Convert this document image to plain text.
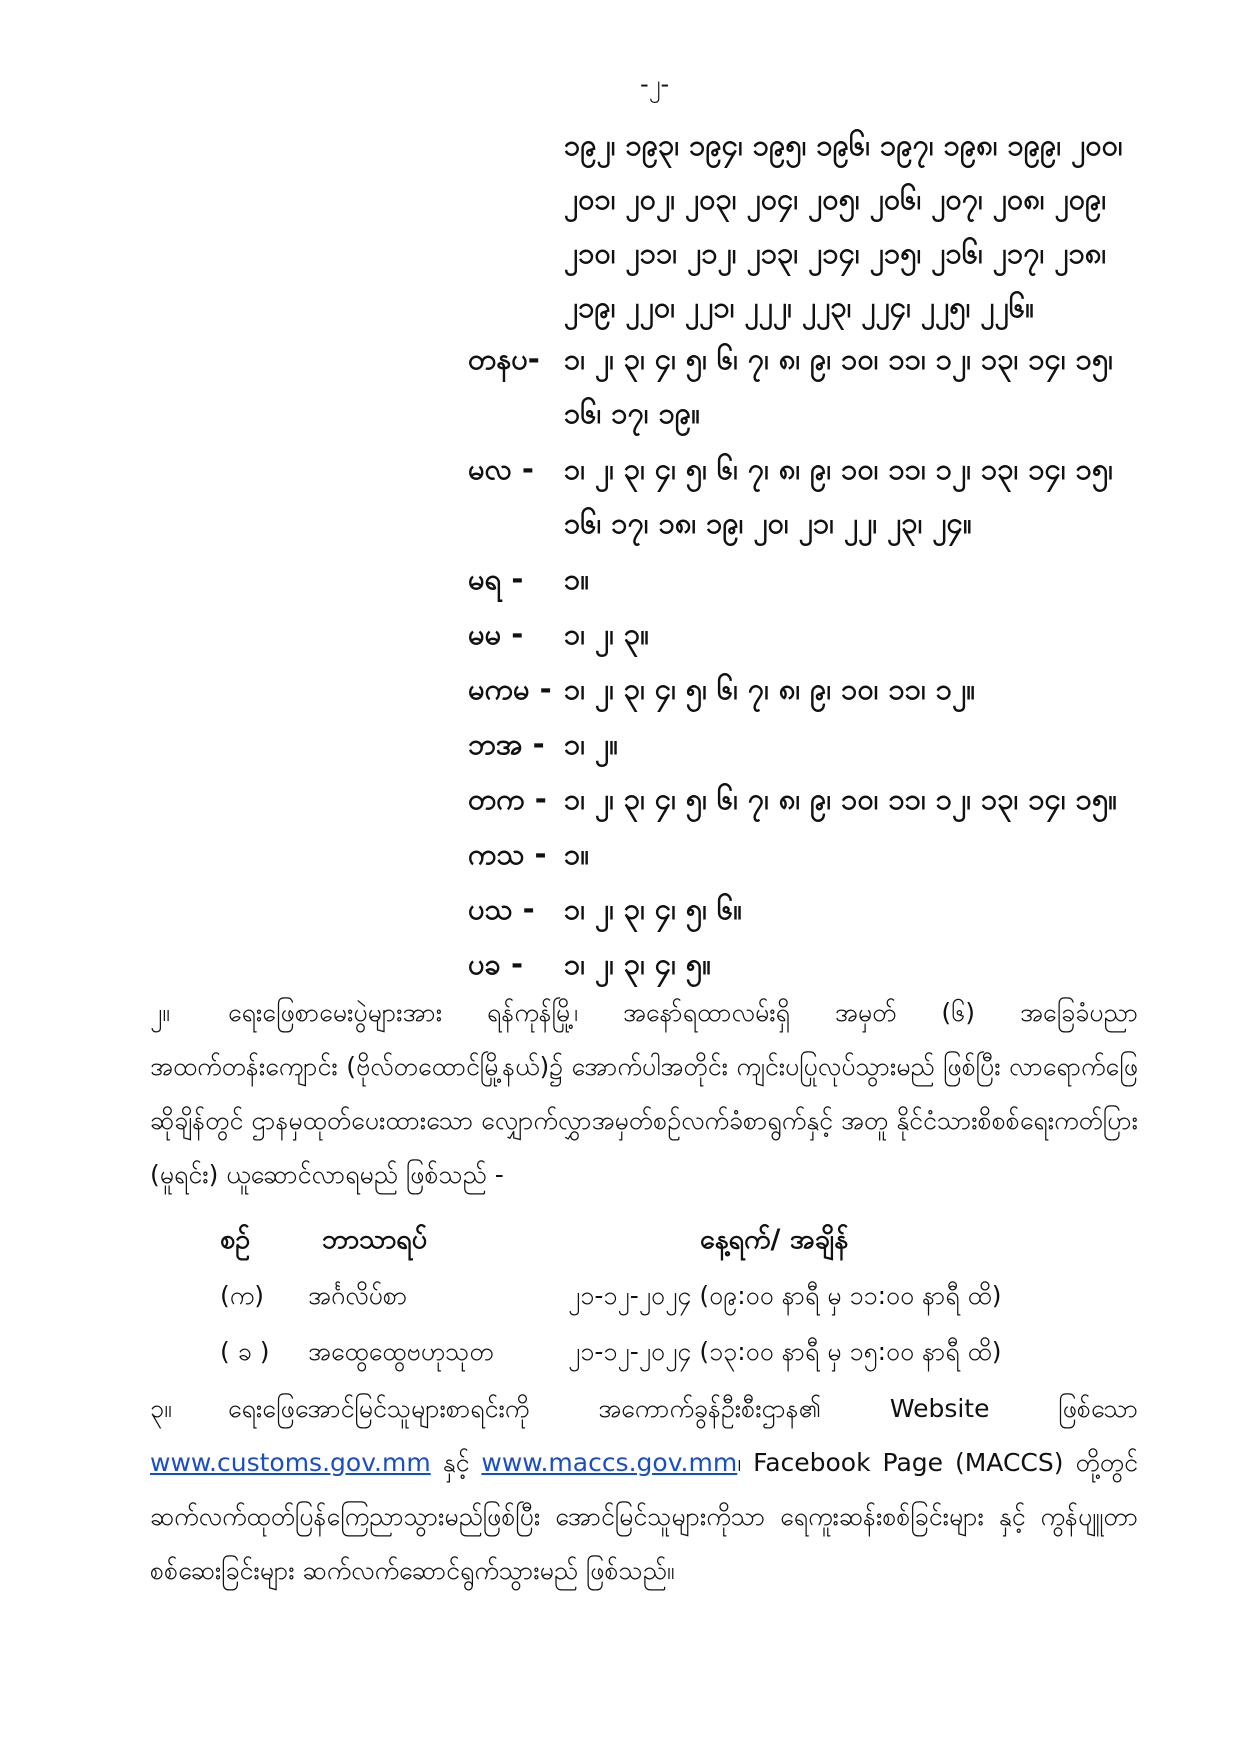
-၂-
၁၉၂၊ ၁၉၃၊ ၁၉၄၊ ၁၉၅၊ ၁၉၆၊ ၁၉၇၊ ၁၉၈၊ ၁၉၉၊ ၂၀၀၊
၂၀၁၊ ၂၀၂၊ ၂၀၃၊ ၂၀၄၊ ၂၀၅၊ ၂၀၆၊ ၂၀၇၊ ၂၀၈၊ ၂၀၉၊
၂၁၀၊ ၂၁၁၊ ၂၁၂၊ ၂၁၃၊ ၂၁၄၊ ၂၁၅၊ ၂၁၆၊ ၂၁၇၊ ၂၁၈၊
၂၁၉၊ ၂၂၀၊ ၂၂၁၊ ၂၂၂၊ ၂၂၃၊ ၂၂၄၊ ၂၂၅၊ ၂၂၆။
တနပ- ၁၊ ၂၊ ၃၊ ၄၊ ၅၊ ၆၊ ၇၊ ၈၊ ၉၊ ၁၀၊ ၁၁၊ ၁၂၊ ၁၃၊ ၁၄၊ ၁၅၊ ၁၆၊ ၁၇၊ ၁၉။
မလ -	၁၊ ၂၊ ၃၊ ၄၊ ၅၊ ၆၊ ၇၊ ၈၊ ၉၊ ၁၀၊ ၁၁၊ ၁၂၊ ၁၃၊ ၁၄၊ ၁၅၊ ၁၆၊ ၁၇၊ ၁၈၊ ၁၉၊ ၂၀၊ ၂၁၊ ၂၂၊ ၂၃၊ ၂၄။
မရ -	၁။
မမ -	၁၊ ၂၊ ၃။
မကမ - ၁၊ ၂၊ ၃၊ ၄၊ ၅၊ ၆၊ ၇၊ ၈၊ ၉၊ ၁၀၊ ၁၁၊ ၁၂။
ဘအ - ၁၊ ၂။
တက - ၁၊ ၂၊ ၃၊ ၄၊ ၅၊ ၆၊ ၇၊ ၈၊ ၉၊ ၁၀၊ ၁၁၊ ၁၂၊ ၁၃၊ ၁၄၊ ၁၅။
ကသ - ၁။
ပသ -	၁၊ ၂၊ ၃၊ ၄၊ ၅၊ ၆။
ပခ -	၁၊ ၂၊ ၃၊ ၄၊ ၅။
၂။ ရေးဖြေစာမေးပွဲများအား ရန်ကုန်မြို့၊ အနော်ရထာလမ်းရှိ အမှတ် (၆) အခြေခံပညာ အထက်တန်းကျောင်း (ဗိုလ်တထောင်မြို့နယ်)၌ အောက်ပါအတိုင်း ကျင်းပပြုလုပ်သွားမည် ဖြစ်ပြီး လာရောက်ဖြေဆိုချိန်တွင် ဌာနမှထုတ်ပေးထားသော လျှောက်လွှာအမှတ်စဉ်လက်ခံစာရွက်နှင့် အတူ နိုင်ငံသားစိစစ်ရေးကတ်ပြား (မူရင်း) ယူဆောင်လာရမည် ဖြစ်သည် -
စဉ်	ဘာသာရပ်	နေ့ရက်/ အချိန်
(က) အင်္ဂလိပ်စာ	၂၁-၁၂-၂၀၂၄ (၀၉:၀၀ နာရီ မှ ၁၁:၀၀ နာရီ ထိ)
( ခ ) အထွေထွေဗဟုသုတ	၂၁-၁၂-၂၀၂၄ (၁၃:၀၀ နာရီ မှ ၁၅:၀၀ နာရီ ထိ)
၃။ ရေးဖြေအောင်မြင်သူများစာရင်းကို အကောက်ခွန်ဦးစီးဌာန၏ Website ဖြစ်သော www.customs.gov.mm နှင့် www.maccs.gov.mm၊ Facebook Page (MACCS) တို့တွင် ဆက်လက်ထုတ်ပြန်ကြေညာသွားမည်ဖြစ်ပြီး အောင်မြင်သူများကိုသာ ရေကူးဆန်းစစ်ခြင်းများ နှင့် ကွန်ပျူတာစစ်ဆေးခြင်းများ ဆက်လက်ဆောင်ရွက်သွားမည် ဖြစ်သည်။
